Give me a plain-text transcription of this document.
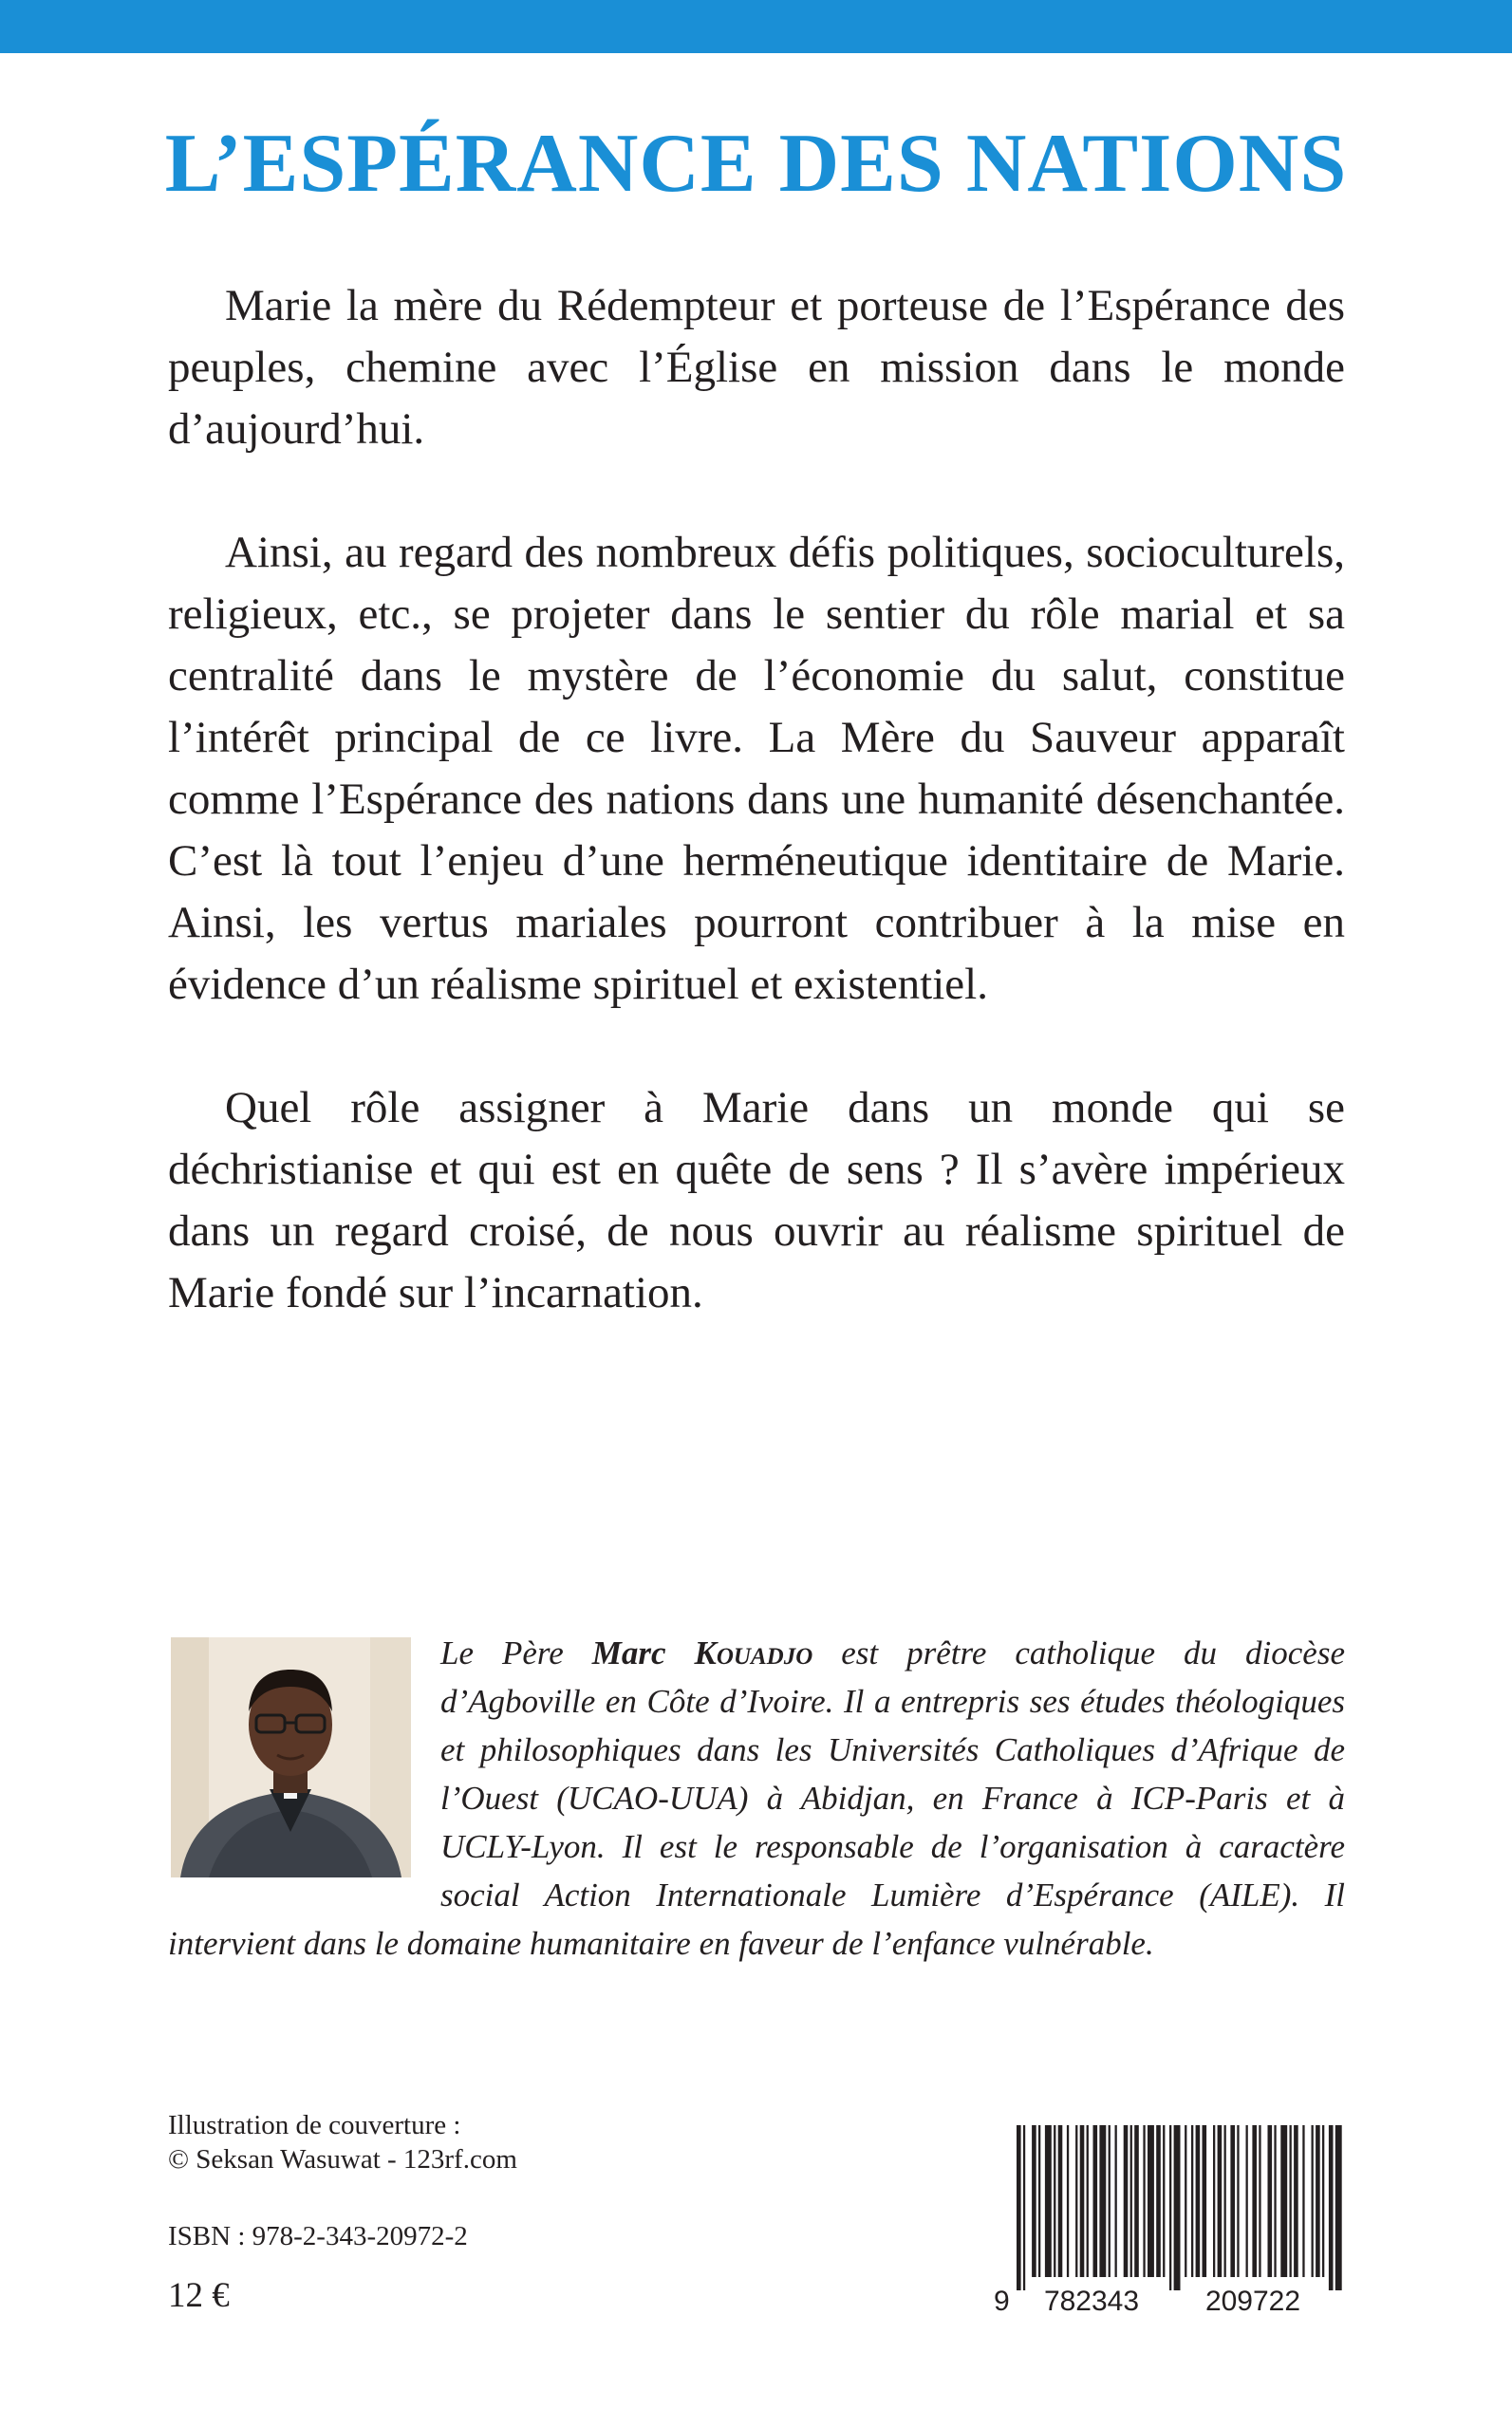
L’ESPÉRANCE DES NATIONS

Marie la mère du Rédempteur et porteuse de l’Espérance des peuples, chemine avec l’Église en mission dans le monde d’aujourd’hui.

Ainsi, au regard des nombreux défis politiques, socioculturels, religieux, etc., se projeter dans le sentier du rôle marial et sa centralité dans le mystère de l’économie du salut, constitue l’intérêt principal de ce livre. La Mère du Sauveur apparaît comme l’Espérance des nations dans une humanité désenchantée. C’est là tout l’enjeu d’une herméneutique identitaire de Marie. Ainsi, les vertus mariales pourront contribuer à la mise en évidence d’un réalisme spirituel et existentiel.

Quel rôle assigner à Marie dans un monde qui se déchristianise et qui est en quête de sens ? Il s’avère impérieux dans un regard croisé, de nous ouvrir au réalisme spirituel de Marie fondé sur l’incarnation.

Le Père Marc Kouadjo est prêtre catholique du diocèse d’Agboville en Côte d’Ivoire. Il a entrepris ses études théologiques et philosophiques dans les Universités Catholiques d’Afrique de l’Ouest (UCAO-UUA) à Abidjan, en France à ICP-Paris et à UCLY-Lyon. Il est le responsable de l’organisation à caractère social Action Internationale Lumière d’Espérance (AILE). Il intervient dans le domaine humanitaire en faveur de l’enfance vulnérable.

Illustration de couverture :

© Seksan Wasuwat - 123rf.com

ISBN : 978-2-343-20972-2

12 €	9 782343 209722
